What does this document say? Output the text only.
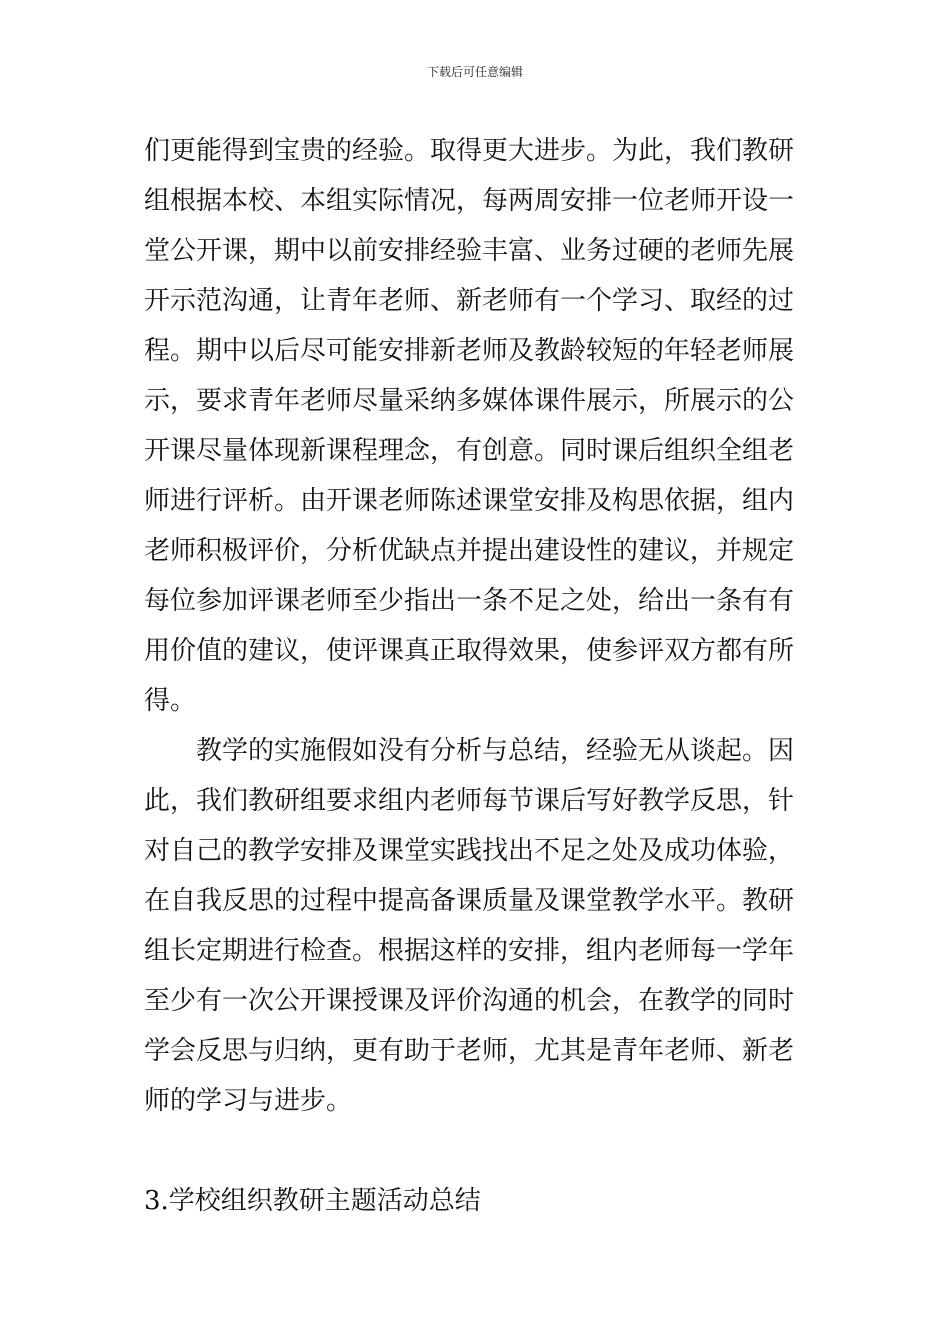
下载后可任意编辑
们更能得到宝贵的经验。取得更大进步。为此，我们教研
组根据本校、本组实际情况，每两周安排一位老师开设一
堂公开课，期中以前安排经验丰富、业务过硬的老师先展
开示范沟通，让青年老师、新老师有一个学习、取经的过
程。期中以后尽可能安排新老师及教龄较短的年轻老师展
示，要求青年老师尽量采纳多媒体课件展示，所展示的公
开课尽量体现新课程理念，有创意。同时课后组织全组老
师进行评析。由开课老师陈述课堂安排及构思依据，组内
老师积极评价，分析优缺点并提出建设性的建议，并规定
每位参加评课老师至少指出一条不足之处，给出一条有有
用价值的建议，使评课真正取得效果，使参评双方都有所
得。
　　教学的实施假如没有分析与总结，经验无从谈起。因
此，我们教研组要求组内老师每节课后写好教学反思，针
对自己的教学安排及课堂实践找出不足之处及成功体验，
在自我反思的过程中提高备课质量及课堂教学水平。教研
组长定期进行检查。根据这样的安排，组内老师每一学年
至少有一次公开课授课及评价沟通的机会，在教学的同时
学会反思与归纳，更有助于老师，尤其是青年老师、新老
师的学习与进步。
3.学校组织教研主题活动总结
